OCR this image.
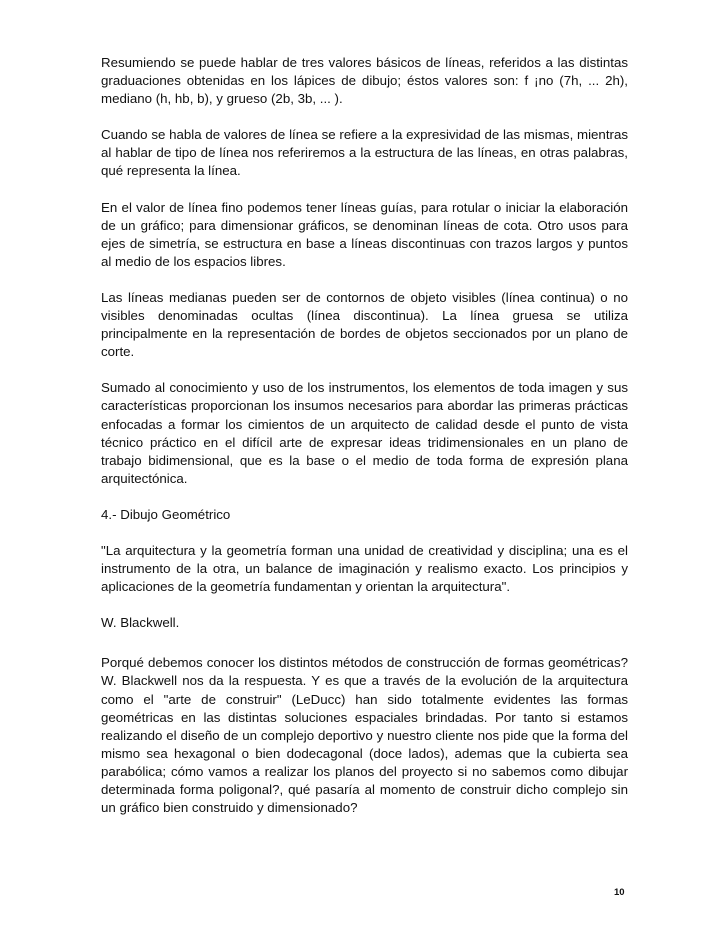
Resumiendo se puede hablar de tres valores básicos de líneas, referidos a las distintas graduaciones obtenidas en los lápices de dibujo; éstos valores son: f ¡no (7h, ... 2h), mediano (h, hb, b), y grueso (2b, 3b, ... ).

Cuando se habla de valores de línea se refiere a la expresividad de las mismas, mientras al hablar de tipo de línea nos referiremos a la estructura de las líneas, en otras palabras, qué representa la línea.

En el valor de línea fino podemos tener líneas guías, para rotular o iniciar la elaboración de un gráfico; para dimensionar gráficos, se denominan líneas de cota. Otro usos para ejes de simetría, se estructura en base a líneas discontinuas con trazos largos y puntos al medio de los espacios libres.

Las líneas medianas pueden ser de contornos de objeto visibles (línea continua) o no visibles denominadas ocultas (línea discontinua). La línea gruesa se utiliza principalmente en la representación de bordes de objetos seccionados por un plano de corte.

Sumado al conocimiento y uso de los instrumentos, los elementos de toda imagen y sus características proporcionan los insumos necesarios para abordar las primeras prácticas enfocadas a formar los cimientos de un arquitecto de calidad desde el punto de vista técnico práctico en el difícil arte de expresar ideas tridimensionales en un plano de trabajo bidimensional, que es la base o el medio de toda forma de expresión plana arquitectónica.

4.- Dibujo Geométrico

"La arquitectura y la geometría forman una unidad de creatividad y disciplina; una es el instrumento de la otra, un balance de imaginación y realismo exacto. Los principios y aplicaciones de la geometría fundamentan y orientan la arquitectura".

W. Blackwell.

Porqué debemos conocer los distintos métodos de construcción de formas geométricas? W. Blackwell nos da la respuesta. Y es que a través de la evolución de la arquitectura como el "arte de construir" (LeDucc) han sido totalmente evidentes las formas geométricas en las distintas soluciones espaciales brindadas. Por tanto si estamos realizando el diseño de un complejo deportivo y nuestro cliente nos pide que la forma del mismo sea hexagonal o bien dodecagonal (doce lados), ademas que la cubierta sea parabólica; cómo vamos a realizar los planos del proyecto si no sabemos como dibujar determinada forma poligonal?, qué pasaría al momento de construir dicho complejo sin un gráfico bien construido y dimensionado?

10
